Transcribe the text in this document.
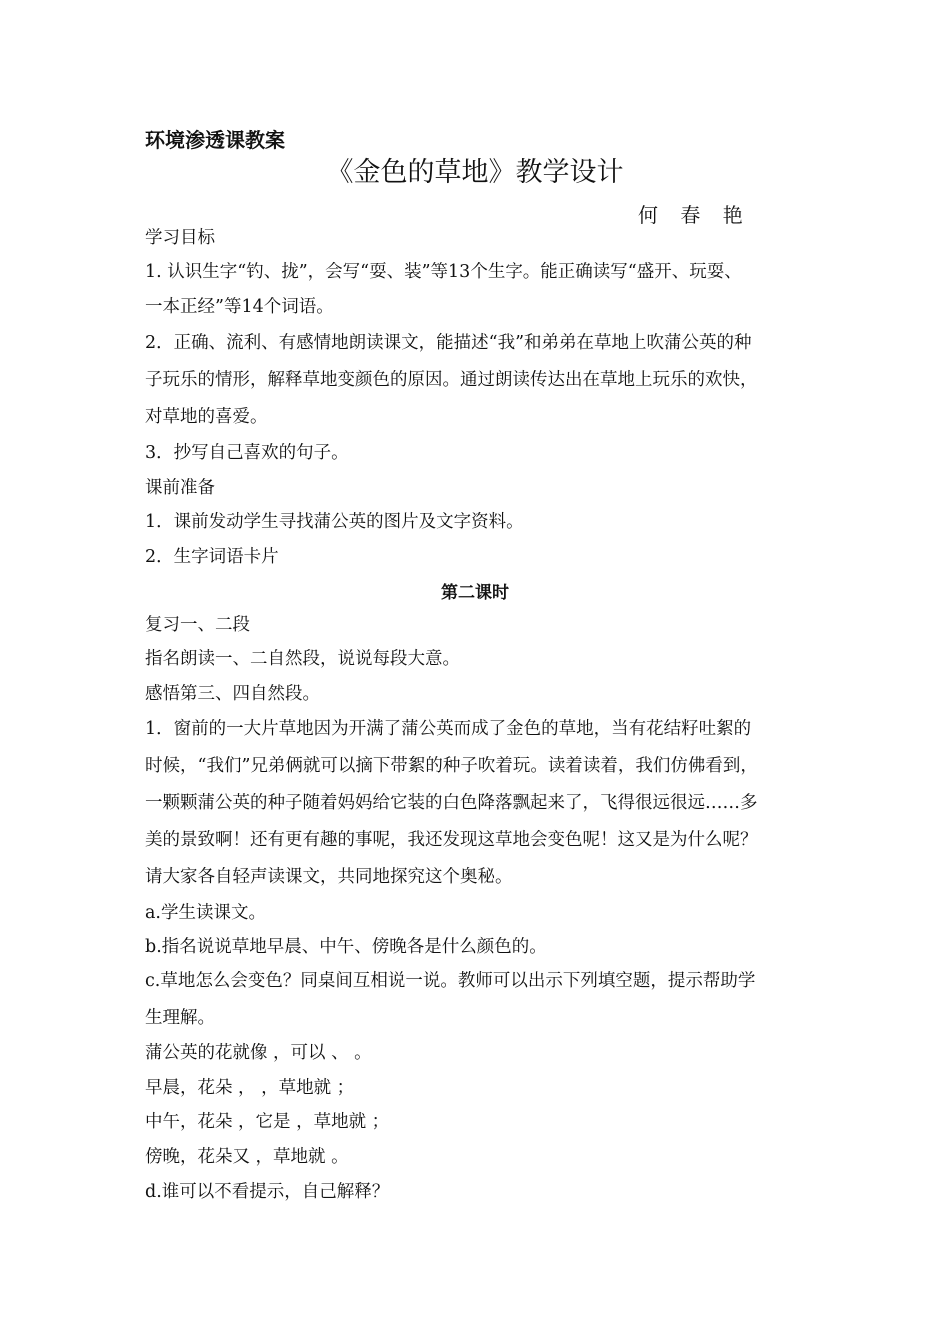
环境渗透课教案
《金色的草地》教学设计
何 春 艳
学习目标
1. 认识生字“钓、拢”，会写“耍、装”等13个生字。能正确读写“盛开、玩耍、
一本正经”等14个词语。
2．正确、流利、有感情地朗读课文，能描述“我”和弟弟在草地上吹蒲公英的种
子玩乐的情形，解释草地变颜色的原因。通过朗读传达出在草地上玩乐的欢快，
对草地的喜爱。
3．抄写自己喜欢的句子。
课前准备
1．课前发动学生寻找蒲公英的图片及文字资料。
2．生字词语卡片
第二课时
复习一、二段
指名朗读一、二自然段，说说每段大意。
感悟第三、四自然段。
1．窗前的一大片草地因为开满了蒲公英而成了金色的草地，当有花结籽吐絮的
时候，“我们”兄弟俩就可以摘下带絮的种子吹着玩。读着读着，我们仿佛看到，
一颗颗蒲公英的种子随着妈妈给它装的白色降落飘起来了，飞得很远很远……多
美的景致啊！还有更有趣的事呢，我还发现这草地会变色呢！这又是为什么呢？
请大家各自轻声读课文，共同地探究这个奥秘。
a.学生读课文。
b.指名说说草地早晨、中午、傍晚各是什么颜色的。
c.草地怎么会变色？同桌间互相说一说。教师可以出示下列填空题，提示帮助学
生理解。
蒲公英的花就像 ，可以 、 。
早晨，花朵 ， ，草地就 ；
中午，花朵 ，它是 ，草地就 ；
傍晚，花朵又 ，草地就 。
d.谁可以不看提示，自己解释？
